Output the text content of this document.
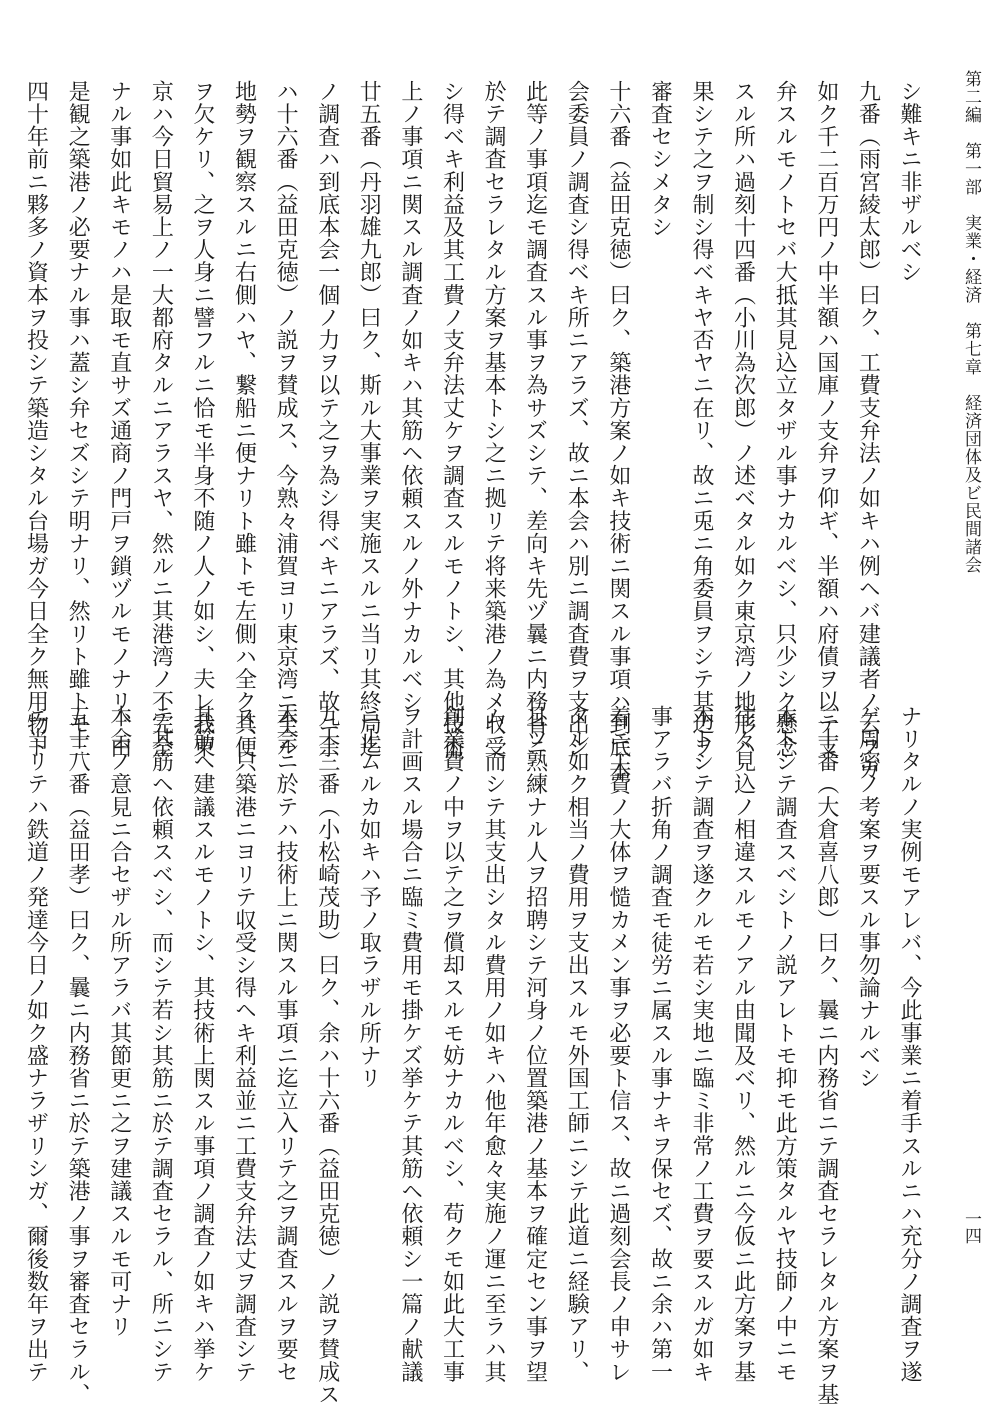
第二編　第一部　実業・経済　第七章　経済団体及ビ民間諸会
一四
シ難キニ非ザルベシ
九番（雨宮綾太郎）曰ク、工費支弁法ノ如キハ例ヘバ建議者ノ云フガ
如ク千二百万円ノ中半額ハ国庫ノ支弁ヲ仰ギ、半額ハ府債ヲ以テ支
弁スルモノトセバ大抵其見込立タザル事ナカルベシ、只少シク懸念
スル所ハ過刻十四番（小川為次郎）ノ述ベタル如ク東京湾ノ地形ハ
果シテ之ヲ制シ得ベキヤ否ヤニ在リ、故ニ兎ニ角委員ヲシテ其辺ヲ
審査セシメタシ
十六番（益田克徳）曰ク、築港方案ノ如キ技術ニ関スル事項ハ到底本
会委員ノ調査シ得ベキ所ニアラズ、故ニ本会ハ別ニ調査費ヲ支出シ
此等ノ事項迄モ調査スル事ヲ為サズシテ、差向キ先ヅ曩ニ内務省ニ
於テ調査セラレタル方案ヲ基本トシ之ニ拠リテ将来築港ノ為メ収受
シ得ベキ利益及其工費ノ支弁法丈ケヲ調査スルモノトシ、其他技術
上ノ事項ニ関スル調査ノ如キハ其筋ヘ依頼スルノ外ナカルベシ
廿五番（丹羽雄九郎）曰ク、斯ル大事業ヲ実施スルニ当リ其終局迄
ノ調査ハ到底本会一個ノ力ヲ以テ之ヲ為シ得ベキニアラズ、故ニ余
ハ十六番（益田克徳）ノ説ヲ賛成ス、今熟々浦賀ヨリ東京湾ニ至ル
地勢ヲ観察スルニ右側ハヤ、繋船ニ便ナリト雖トモ左側ハ全ク其便
ヲ欠ケリ、之ヲ人身ニ譬フルニ恰モ半身不随ノ人ノ如シ、夫レ我東
京ハ今日貿易上ノ一大都府タルニアラスヤ、然ルニ其港湾ノ不完全
ナル事如此キモノハ是取モ直サズ通商ノ門戸ヲ鎖ヅルモノナリ、由
是観之築港ノ必要ナル事ハ蓋シ弁セズシテ明ナリ、然リト雖トモ三
四十年前ニ夥多ノ資本ヲ投シテ築造シタル台場ガ今日全ク無用物ト
ナリタルノ実例モアレバ、今此事業ニ着手スルニハ充分ノ調査ヲ遂
ゲ周密ノ考案ヲ要スル事勿論ナルベシ
二十番（大倉喜八郎）曰ク、曩ニ内務省ニテ調査セラレタル方案ヲ基
本トシテ調査スベシトノ説アレトモ抑モ此方策タルヤ技師ノ中ニモ
往々見込ノ相違スルモノアル由聞及ベリ、然ルニ今仮ニ此方案ヲ基
本トシテ調査ヲ遂クルモ若シ実地ニ臨ミ非常ノ工費ヲ要スルガ如キ
事アラバ折角ノ調査モ徒労ニ属スル事ナキヲ保セズ、故ニ余ハ第一
着ニ工費ノ大体ヲ慥カメン事ヲ必要ト信ス、故ニ過刻会長ノ申サレ
タル如ク相当ノ費用ヲ支出スルモ外国工師ニシテ此道ニ経験アリ、
且ツ熟練ナル人ヲ招聘シテ河身ノ位置築港ノ基本ヲ確定セン事ヲ望
ム、而シテ其支出シタル費用ノ如キハ他年愈々実施ノ運ニ至ラハ其
創業費ノ中ヲ以テ之ヲ償却スルモ妨ナカルベシ、苟クモ如此大工事
ヲ計画スル場合ニ臨ミ費用モ掛ケズ挙ケテ其筋ヘ依頼シ一篇ノ献議
ニ止ムルカ如キハ予ノ取ラザル所ナリ
九十三番（小松崎茂助）曰ク、余ハ十六番（益田克徳）ノ説ヲ賛成ス
本会ニ於テハ技術上ニ関スル事項ニ迄立入リテ之ヲ調査スルヲ要セ
ス、只築港ニヨリテ収受シ得ヘキ利益並ニ工費支弁法丈ヲ調査シテ
其筋ヘ建議スルモノトシ、其技術上関スル事項ノ調査ノ如キハ挙ケ
テ其筋ヘ依頼スベシ、而シテ若シ其筋ニ於テ調査セラル、所ニシテ
本会ノ意見ニ合セザル所アラバ其節更ニ之ヲ建議スルモ可ナリ
五十八番（益田孝）曰ク、曩ニ内務省ニ於テ築港ノ事ヲ審査セラル、
ニ当リテハ鉄道ノ発達今日ノ如ク盛ナラザリシガ、爾後数年ヲ出テ
